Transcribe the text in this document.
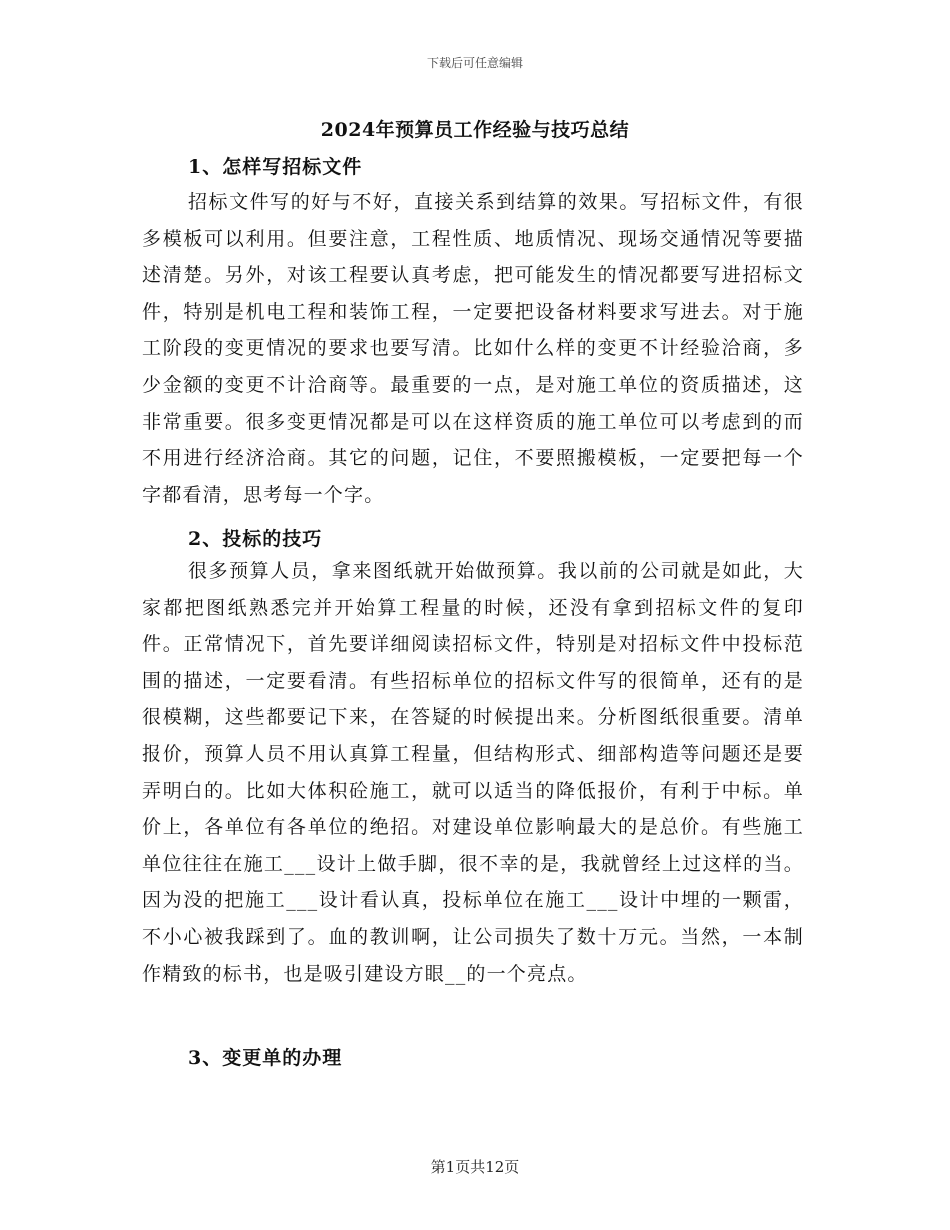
下载后可任意编辑
2024年预算员工作经验与技巧总结
1、怎样写招标文件
招标文件写的好与不好，直接关系到结算的效果。写招标文件，有很多模板可以利用。但要注意，工程性质、地质情况、现场交通情况等要描述清楚。另外，对该工程要认真考虑，把可能发生的情况都要写进招标文件，特别是机电工程和装饰工程，一定要把设备材料要求写进去。对于施工阶段的变更情况的要求也要写清。比如什么样的变更不计经验洽商，多少金额的变更不计洽商等。最重要的一点，是对施工单位的资质描述，这非常重要。很多变更情况都是可以在这样资质的施工单位可以考虑到的而不用进行经济洽商。其它的问题，记住，不要照搬模板，一定要把每一个字都看清，思考每一个字。
2、投标的技巧
很多预算人员，拿来图纸就开始做预算。我以前的公司就是如此，大家都把图纸熟悉完并开始算工程量的时候，还没有拿到招标文件的复印件。正常情况下，首先要详细阅读招标文件，特别是对招标文件中投标范围的描述，一定要看清。有些招标单位的招标文件写的很简单，还有的是很模糊，这些都要记下来，在答疑的时候提出来。分析图纸很重要。清单报价，预算人员不用认真算工程量，但结构形式、细部构造等问题还是要弄明白的。比如大体积砼施工，就可以适当的降低报价，有利于中标。单价上，各单位有各单位的绝招。对建设单位影响最大的是总价。有些施工单位往往在施工___设计上做手脚，很不幸的是，我就曾经上过这样的当。因为没的把施工___设计看认真，投标单位在施工___设计中埋的一颗雷，不小心被我踩到了。血的教训啊，让公司损失了数十万元。当然，一本制作精致的标书，也是吸引建设方眼__的一个亮点。
3、变更单的办理
第1页共12页
